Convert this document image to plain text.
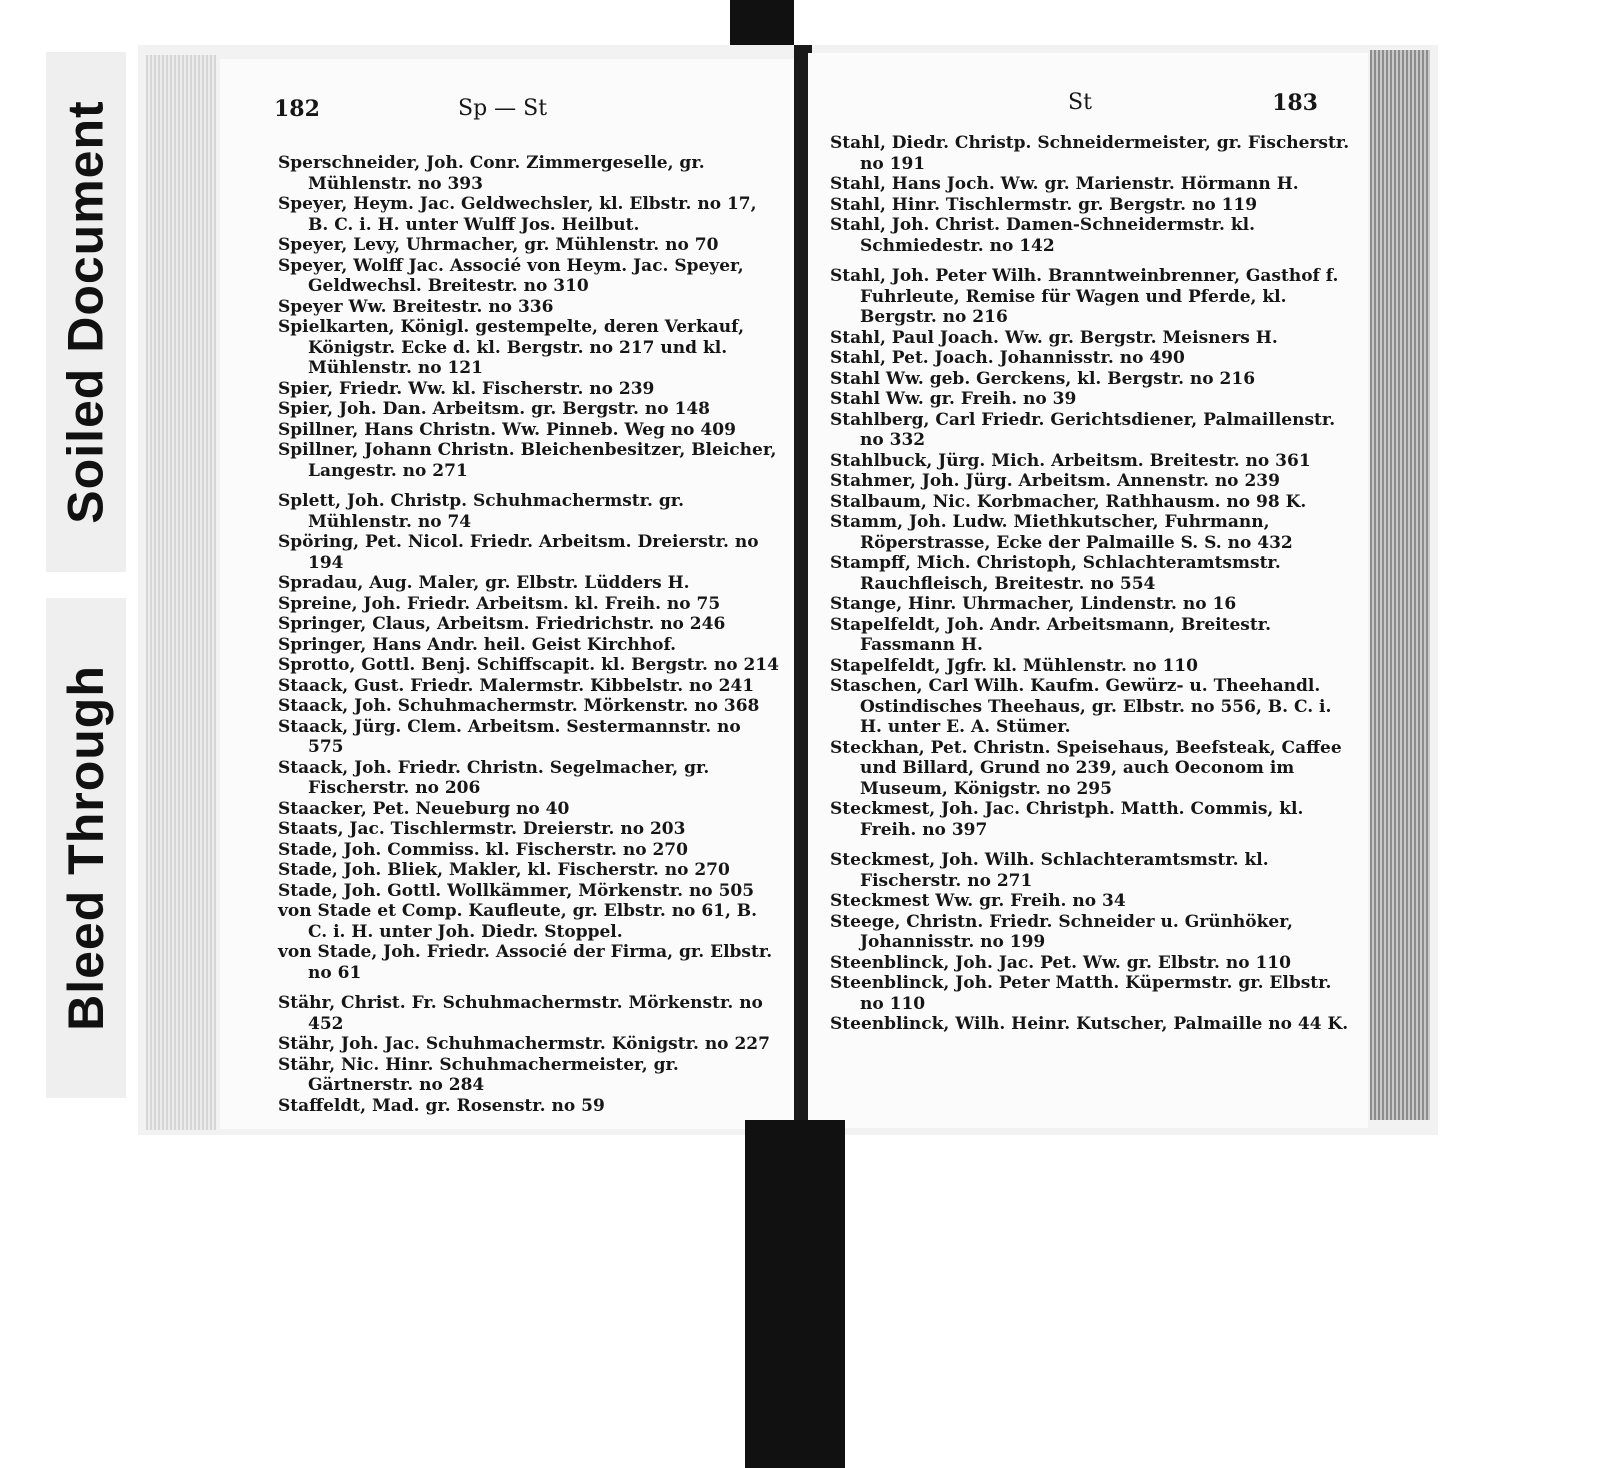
Soiled Document
Bleed Through
182	Sp — St
Sperschneider, Joh. Conr. Zimmergeselle, gr. Mühlenstr. no 393
Speyer, Heym. Jac. Geldwechsler, kl. Elbstr. no 17, B. C. i. H. unter Wulff Jos. Heilbut.
Speyer, Levy, Uhrmacher, gr. Mühlenstr. no 70
Speyer, Wolff Jac. Associé von Heym. Jac. Speyer, Geldwechsl. Breitestr. no 310
Speyer Ww. Breitestr. no 336
Spielkarten, Königl. gestempelte, deren Verkauf, Königstr. Ecke d. kl. Bergstr. no 217 und kl. Mühlenstr. no 121
Spier, Friedr. Ww. kl. Fischerstr. no 239
Spier, Joh. Dan. Arbeitsm. gr. Bergstr. no 148
Spillner, Hans Christn. Ww. Pinneb. Weg no 409
Spillner, Johann Christn. Bleichenbesitzer, Bleicher, Langestr. no 271
Splett, Joh. Christp. Schuhmachermstr. gr. Mühlenstr. no 74
Spöring, Pet. Nicol. Friedr. Arbeitsm. Dreierstr. no 194
Spradau, Aug. Maler, gr. Elbstr. Lüdders H.
Spreine, Joh. Friedr. Arbeitsm. kl. Freih. no 75
Springer, Claus, Arbeitsm. Friedrichstr. no 246
Springer, Hans Andr. heil. Geist Kirchhof.
Sprotto, Gottl. Benj. Schiffscapit. kl. Bergstr. no 214
Staack, Gust. Friedr. Malermstr. Kibbelstr. no 241
Staack, Joh. Schuhmachermstr. Mörkenstr. no 368
Staack, Jürg. Clem. Arbeitsm. Sestermannstr. no 575
Staack, Joh. Friedr. Christn. Segelmacher, gr. Fischerstr. no 206
Staacker, Pet. Neueburg no 40
Staats, Jac. Tischlermstr. Dreierstr. no 203
Stade, Joh. Commiss. kl. Fischerstr. no 270
Stade, Joh. Bliek, Makler, kl. Fischerstr. no 270
Stade, Joh. Gottl. Wollkämmer, Mörkenstr. no 505
von Stade et Comp. Kaufleute, gr. Elbstr. no 61, B. C. i. H. unter Joh. Diedr. Stoppel.
von Stade, Joh. Friedr. Associé der Firma, gr. Elbstr. no 61
Stähr, Christ. Fr. Schuhmachermstr. Mörkenstr. no 452
Stähr, Joh. Jac. Schuhmachermstr. Königstr. no 227
Stähr, Nic. Hinr. Schuhmachermeister, gr. Gärtnerstr. no 284
Staffeldt, Mad. gr. Rosenstr. no 59
St	183
Stahl, Diedr. Christp. Schneidermeister, gr. Fischerstr. no 191
Stahl, Hans Joch. Ww. gr. Marienstr. Hörmann H.
Stahl, Hinr. Tischlermstr. gr. Bergstr. no 119
Stahl, Joh. Christ. Damen-Schneidermstr. kl. Schmiedestr. no 142
Stahl, Joh. Peter Wilh. Branntweinbrenner, Gasthof f. Fuhrleute, Remise für Wagen und Pferde, kl. Bergstr. no 216
Stahl, Paul Joach. Ww. gr. Bergstr. Meisners H.
Stahl, Pet. Joach. Johannisstr. no 490
Stahl Ww. geb. Gerckens, kl. Bergstr. no 216
Stahl Ww. gr. Freih. no 39
Stahlberg, Carl Friedr. Gerichtsdiener, Palmaillenstr. no 332
Stahlbuck, Jürg. Mich. Arbeitsm. Breitestr. no 361
Stahmer, Joh. Jürg. Arbeitsm. Annenstr. no 239
Stalbaum, Nic. Korbmacher, Rathhausm. no 98 K.
Stamm, Joh. Ludw. Miethkutscher, Fuhrmann, Röperstrasse, Ecke der Palmaille S. S. no 432
Stampff, Mich. Christoph, Schlachteramtsmstr. Rauchfleisch, Breitestr. no 554
Stange, Hinr. Uhrmacher, Lindenstr. no 16
Stapelfeldt, Joh. Andr. Arbeitsmann, Breitestr. Fassmann H.
Stapelfeldt, Jgfr. kl. Mühlenstr. no 110
Staschen, Carl Wilh. Kaufm. Gewürz- u. Theehandl. Ostindisches Theehaus, gr. Elbstr. no 556, B. C. i. H. unter E. A. Stümer.
Steckhan, Pet. Christn. Speisehaus, Beefsteak, Caffee und Billard, Grund no 239, auch Oeconom im Museum, Königstr. no 295
Steckmest, Joh. Jac. Christph. Matth. Commis, kl. Freih. no 397
Steckmest, Joh. Wilh. Schlachteramtsmstr. kl. Fischerstr. no 271
Steckmest Ww. gr. Freih. no 34
Steege, Christn. Friedr. Schneider u. Grünhöker, Johannisstr. no 199
Steenblinck, Joh. Jac. Pet. Ww. gr. Elbstr. no 110
Steenblinck, Joh. Peter Matth. Küpermstr. gr. Elbstr. no 110
Steenblinck, Wilh. Heinr. Kutscher, Palmaille no 44 K.
